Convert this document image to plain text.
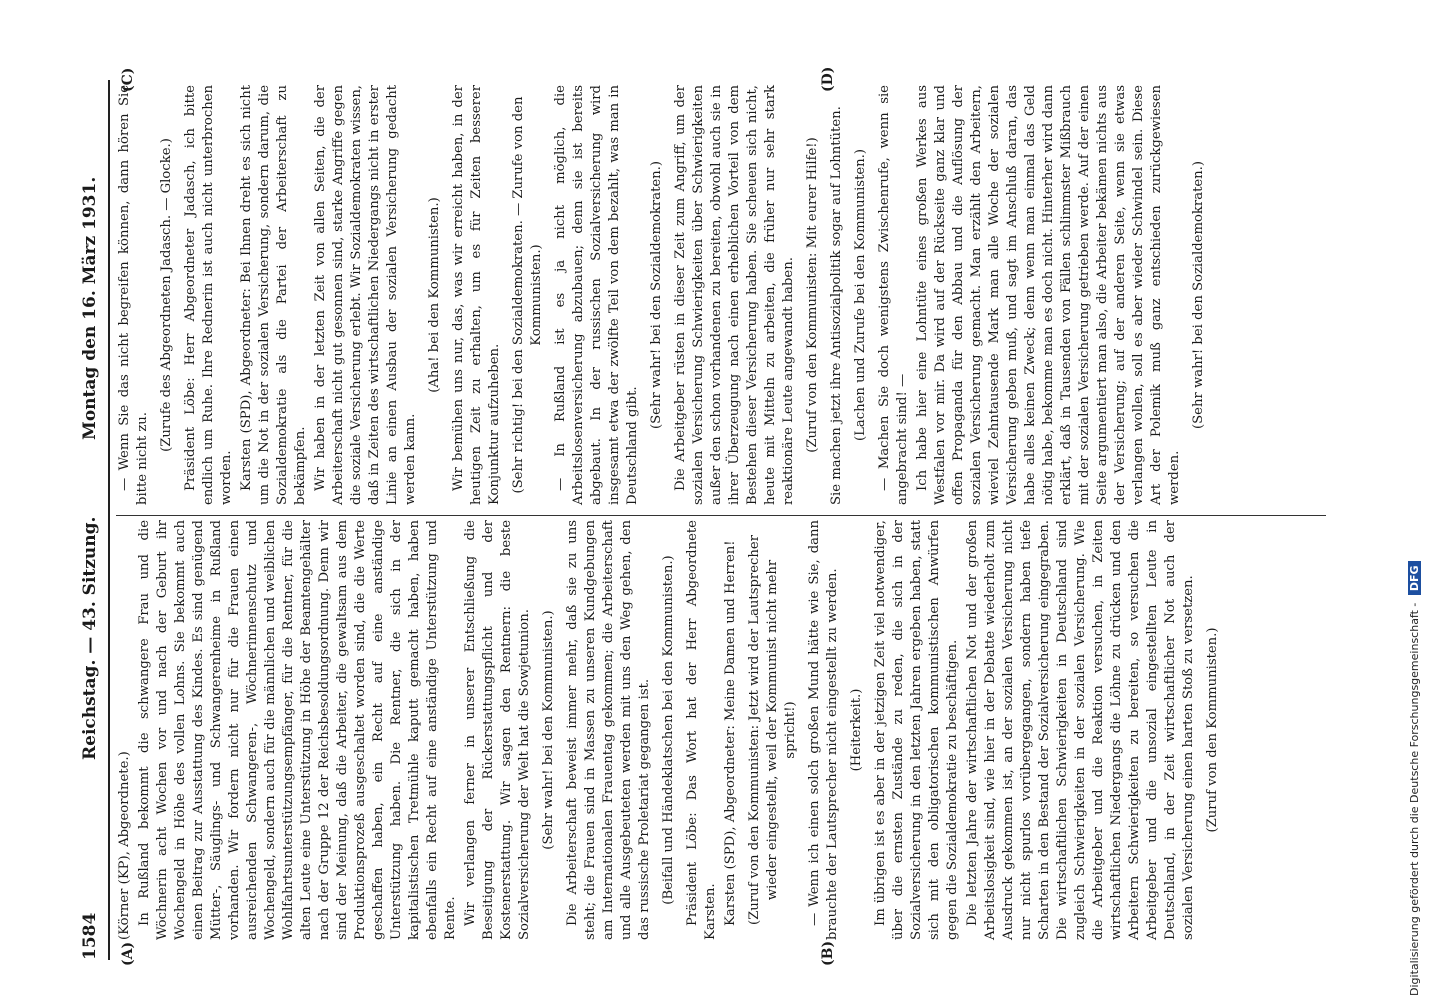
1584
Reichstag. — 43. Sitzung.
Montag den 16. März 1931.
(A)	(B)
(C)	(D)

(Körner (KP), Abgeordnete.) In Rußland bekommt die schwangere Frau und die Wöchnerin acht Wochen vor und nach der Geburt ihr Wochengeld in Höhe des vollen Lohns. Sie bekommt auch einen Beitrag zur Ausstattung des Kindes. Es sind genügend Mütter-, Säuglings- und Schwangerenheime in Rußland vorhanden. Wir fordern nicht nur für die Frauen einen ausreichenden Schwangeren-, Wöchnerinnenschutz und Wochengeld, sondern auch für die männlichen und weiblichen Wohlfahrtsunterstützungsempfänger, für die Rentner, für die alten Leute eine Unterstützung in Höhe der Beamtengehälter nach der Gruppe 12 der Reichsbesoldungsordnung. Denn wir sind der Meinung, daß die Arbeiter, die gewaltsam aus dem Produktionsprozeß ausgeschaltet worden sind, die die Werte geschaffen haben, ein Recht auf eine anständige Unterstützung haben. Die Rentner, die sich in der kapitalistischen Tretmühle kaputt gemacht haben, haben ebenfalls ein Recht auf eine anständige Unterstützung und Rente. Wir verlangen ferner in unserer Entschließung die Beseitigung der Rückerstattungspflicht und der Kostenerstattung. Wir sagen den Rentnern: die beste Sozialversicherung der Welt hat die Sowjetunion. (Sehr wahr! bei den Kommunisten.) Die Arbeiterschaft beweist immer mehr, daß sie zu uns steht; die Frauen sind in Massen zu unseren Kundgebungen am Internationalen Frauentag gekommen; die Arbeiterschaft und alle Ausgebeuteten werden mit uns den Weg gehen, den das russische Proletariat gegangen ist. (Beifall und Händeklatschen bei den Kommunisten.) Präsident Löbe: Das Wort hat der Herr Abgeordnete Karsten. Karsten (SPD), Abgeordneter: Meine Damen und Herren! (Zuruf von den Kommunisten: Jetzt wird der Lautsprecher wieder eingestellt, weil der Kommunist nicht mehr spricht!) — Wenn ich einen solch großen Mund hätte wie Sie, dann brauchte der Lautsprecher nicht eingestellt zu werden. (Heiterkeit.) Im übrigen ist es aber in der jetzigen Zeit viel notwendiger, über die ernsten Zustände zu reden, die sich in der Sozialversicherung in den letzten Jahren ergeben haben, statt sich mit den obligatorischen kommunistischen Anwürfen gegen die Sozialdemokratie zu beschäftigen. Die letzten Jahre der wirtschaftlichen Not und der großen Arbeitslosigkeit sind, wie hier in der Debatte wiederholt zum Ausdruck gekommen ist, an der sozialen Versicherung nicht nur nicht spurlos vorübergegangen, sondern haben tiefe Scharten in den Bestand der Sozialversicherung eingegraben. Die wirtschaftlichen Schwierigkeiten in Deutschland sind zugleich Schwierigkeiten in der sozialen Versicherung. Wie die Arbeitgeber und die Reaktion versuchen, in Zeiten wirtschaftlichen Niedergangs die Löhne zu drücken und den Arbeitern Schwierigkeiten zu bereiten, so versuchen die Arbeitgeber und die unsozial eingestellten Leute in Deutschland, in der Zeit wirtschaftlicher Not auch der sozialen Versicherung einen harten Stoß zu versetzen. (Zuruf von den Kommunisten.)

— Wenn Sie das nicht begreifen können, dann hören Sie bitte nicht zu.

(Zurufe des Abgeordneten Jadasch. — Glocke.) Präsident Löbe: Herr Abgeordneter Jadasch, ich bitte endlich um Ruhe. Ihre Rednerin ist auch nicht unterbrochen worden. Karsten (SPD), Abgeordneter: Bei Ihnen dreht es sich nicht um die Not in der sozialen Versicherung, sondern darum, die Sozialdemokratie als die Partei der Arbeiterschaft zu bekämpfen. Wir haben in der letzten Zeit von allen Seiten, die der Arbeiterschaft nicht gut gesonnen sind, starke Angriffe gegen die soziale Versicherung erlebt. Wir Sozialdemokraten wissen, daß in Zeiten des wirtschaftlichen Niedergangs nicht in erster Linie an einen Ausbau der sozialen Versicherung gedacht werden kann.

(Aha! bei den Kommunisten.) Wir bemühen uns nur, das, was wir erreicht haben, in der heutigen Zeit zu erhalten, um es für Zeiten besserer Konjunktur aufzuheben. (Sehr richtig! bei den Sozialdemokraten. — Zurufe von den Kommunisten.) — In Rußland ist es ja nicht möglich, die Arbeitslosenversicherung abzubauen; denn sie ist bereits abgebaut. In der russischen Sozialversicherung wird insgesamt etwa der zwölfte Teil von dem bezahlt, was man in Deutschland gibt.

(Sehr wahr! bei den Sozialdemokraten.) Die Arbeitgeber rüsten in dieser Zeit zum Angriff, um der sozialen Versicherung Schwierigkeiten über Schwierigkeiten außer den schon vorhandenen zu bereiten, obwohl auch sie in ihrer Überzeugung nach einen erheblichen Vorteil von dem Bestehen dieser Versicherung haben. Sie scheuen sich nicht, heute mit Mitteln zu arbeiten, die früher nur sehr stark reaktionäre Leute angewandt haben. (Zuruf von den Kommunisten: Mit eurer Hilfe!) Sie machen jetzt ihre Antisozialpolitik sogar auf Lohntüten. (Lachen und Zurufe bei den Kommunisten.) — Machen Sie doch wenigstens Zwischenrufe, wenn sie angebracht sind! — Ich habe hier eine Lohntüte eines großen Werkes aus Westfalen vor mir. Da wird auf der Rückseite ganz klar und offen Propaganda für den Abbau und die Auflösung der sozialen Versicherung gemacht. Man erzählt den Arbeitern, wieviel Zehntausende Mark man alle Woche der sozialen Versicherung geben muß, und sagt im Anschluß daran, das habe alles keinen Zweck; denn wenn man einmal das Geld nötig habe, bekomme man es doch nicht. Hinterher wird dann erklärt, daß in Tausenden von Fällen schlimmster Mißbrauch mit der sozialen Versicherung getrieben werde. Auf der einen Seite argumentiert man also, die Arbeiter bekämen nichts aus der Versicherung; auf der anderen Seite, wenn sie etwas verlangen wollen, soll es aber wieder Schwindel sein. Diese Art der Polemik muß ganz entschieden zurückgewiesen werden.

(Sehr wahr! bei den Sozialdemokraten.)

Digitalisierung gefördert durch die Deutsche Forschungsgemeinschaft - DFG
